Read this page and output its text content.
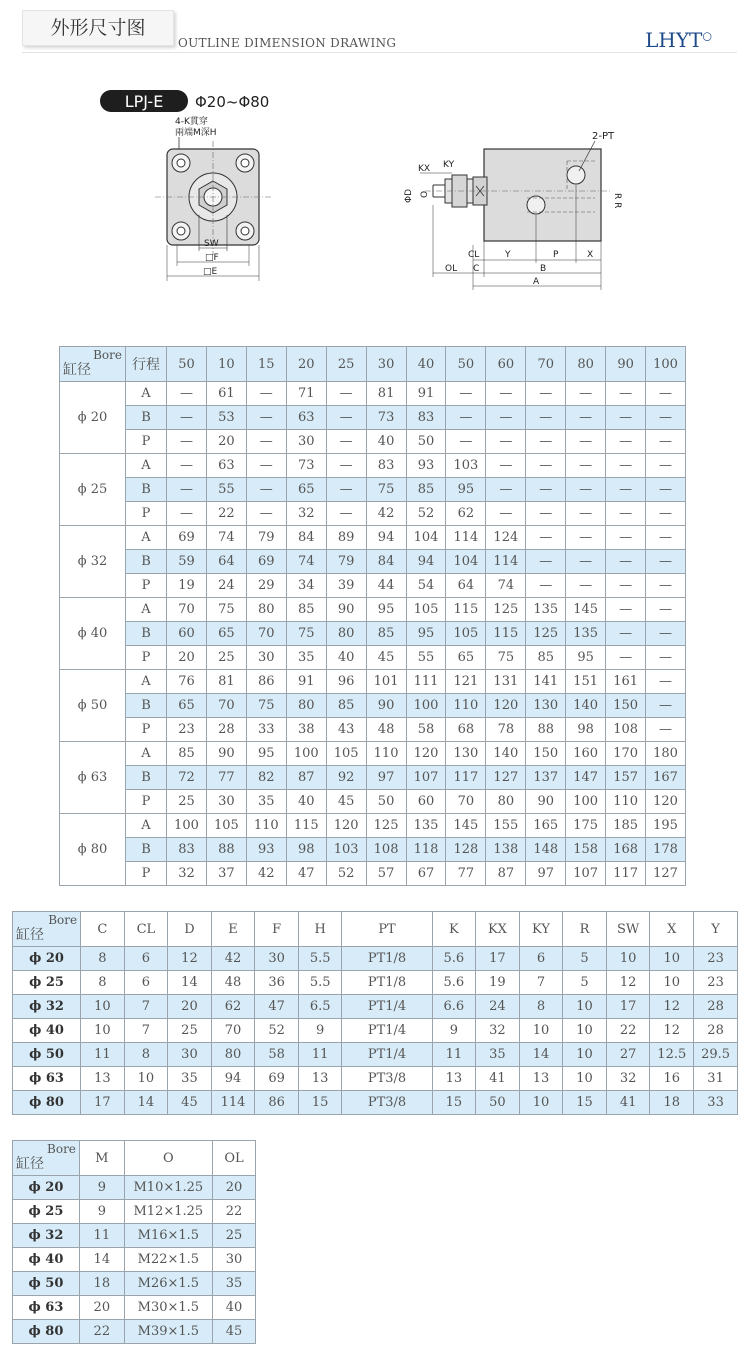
外形尺寸图
OUTLINE DIMENSION DRAWING	LHYT○
LPJ-E Φ20~Φ80
4-K貫穿
兩端M深H
SW
□F
□E
2-PT
R R
KX KY
ΦD O
CL	Y	P	X
OL C	B
A
Bore
缸径	行程	50	10	15	20	25	30	40	50	60	70	80	90	100
ϕ 20	A	—	61	—	71	—	81	91	—	—	—	—	—	—
	B	—	53	—	63	—	73	83	—	—	—	—	—	—
	P	—	20	—	30	—	40	50	—	—	—	—	—	—
ϕ 25	A	—	63	—	73	—	83	93	103	—	—	—	—	—
	B	—	55	—	65	—	75	85	95	—	—	—	—	—
	P	—	22	—	32	—	42	52	62	—	—	—	—	—
ϕ 32	A	69	74	79	84	89	94	104	114	124	—	—	—	—
	B	59	64	69	74	79	84	94	104	114	—	—	—	—
	P	19	24	29	34	39	44	54	64	74	—	—	—	—
ϕ 40	A	70	75	80	85	90	95	105	115	125	135	145	—	—
	B	60	65	70	75	80	85	95	105	115	125	135	—	—
	P	20	25	30	35	40	45	55	65	75	85	95	—	—
ϕ 50	A	76	81	86	91	96	101	111	121	131	141	151	161	—
	B	65	70	75	80	85	90	100	110	120	130	140	150	—
	P	23	28	33	38	43	48	58	68	78	88	98	108	—
ϕ 63	A	85	90	95	100	105	110	120	130	140	150	160	170	180
	B	72	77	82	87	92	97	107	117	127	137	147	157	167
	P	25	30	35	40	45	50	60	70	80	90	100	110	120
ϕ 80	A	100	105	110	115	120	125	135	145	155	165	175	185	195
	B	83	88	93	98	103	108	118	128	138	148	158	168	178
	P	32	37	42	47	52	57	67	77	87	97	107	117	127
Bore
缸径	C	CL	D	E	F	H	PT	K	KX	KY	R	SW	X	Y
ϕ 20	8	6	12	42	30	5.5	PT1/8	5.6	17	6	5	10	10	23
ϕ 25	8	6	14	48	36	5.5	PT1/8	5.6	19	7	5	12	10	23
ϕ 32	10	7	20	62	47	6.5	PT1/4	6.6	24	8	10	17	12	28
ϕ 40	10	7	25	70	52	9	PT1/4	9	32	10	10	22	12	28
ϕ 50	11	8	30	80	58	11	PT1/4	11	35	14	10	27	12.5	29.5
ϕ 63	13	10	35	94	69	13	PT3/8	13	41	13	10	32	16	31
ϕ 80	17	14	45	114	86	15	PT3/8	15	50	10	15	41	18	33
Bore
缸径	M	O	OL
ϕ 20	9	M10×1.25	20
ϕ 25	9	M12×1.25	22
ϕ 32	11	M16×1.5	25
ϕ 40	14	M22×1.5	30
ϕ 50	18	M26×1.5	35
ϕ 63	20	M30×1.5	40
ϕ 80	22	M39×1.5	45
